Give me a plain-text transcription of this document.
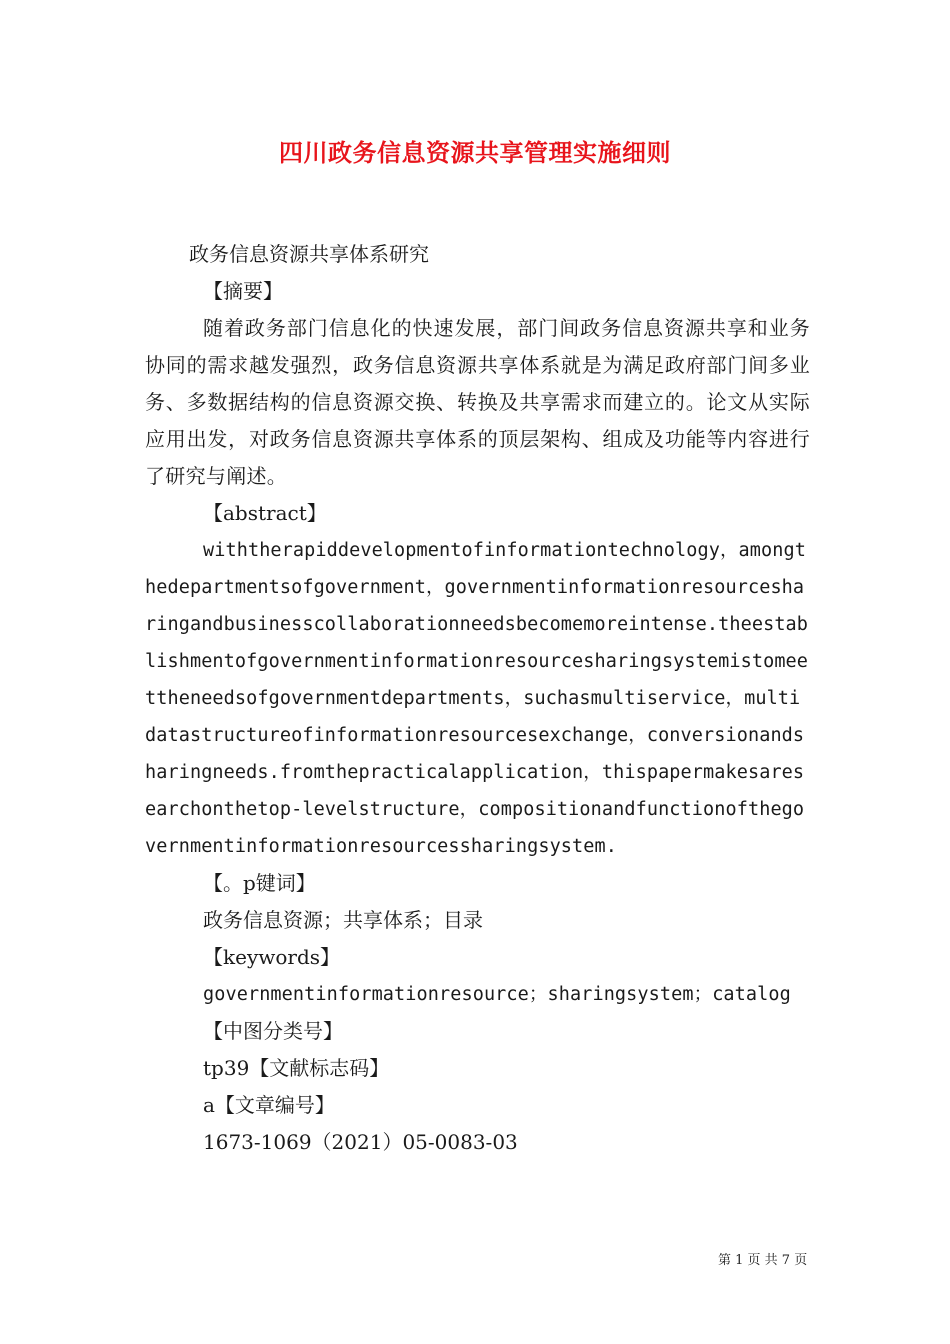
四川政务信息资源共享管理实施细则
政务信息资源共享体系研究
【摘要】
随着政务部门信息化的快速发展，部门间政务信息资源共享和业务协同的需求越发强烈，政务信息资源共享体系就是为满足政府部门间多业务、多数据结构的信息资源交换、转换及共享需求而建立的。论文从实际应用出发，对政务信息资源共享体系的顶层架构、组成及功能等内容进行了研究与阐述。
【abstract】
withtherapiddevelopmentofinformationtechnology，amongthedepartmentsofgovernment，governmentinformationresourcesharingandbusinesscollaborationneedsbecomemoreintense.theestablishmentofgovernmentinformationresourcesharingsystemistomeettheneedsofgovernmentdepartments，suchasmultiservice，multidatastructureofinformationresourcesexchange，conversionandsharingneeds.fromthepracticalapplication，thispapermakesaresearchonthetop-levelstructure，compositionandfunctionofthegovernmentinformationresourcessharingsystem.
【。p键词】
政务信息资源；共享体系；目录
【keywords】
governmentinformationresource；sharingsystem；catalog
【中图分类号】
tp39【文献标志码】
a【文章编号】
1673-1069（2021）05-0083-03
第 1 页 共 7 页
